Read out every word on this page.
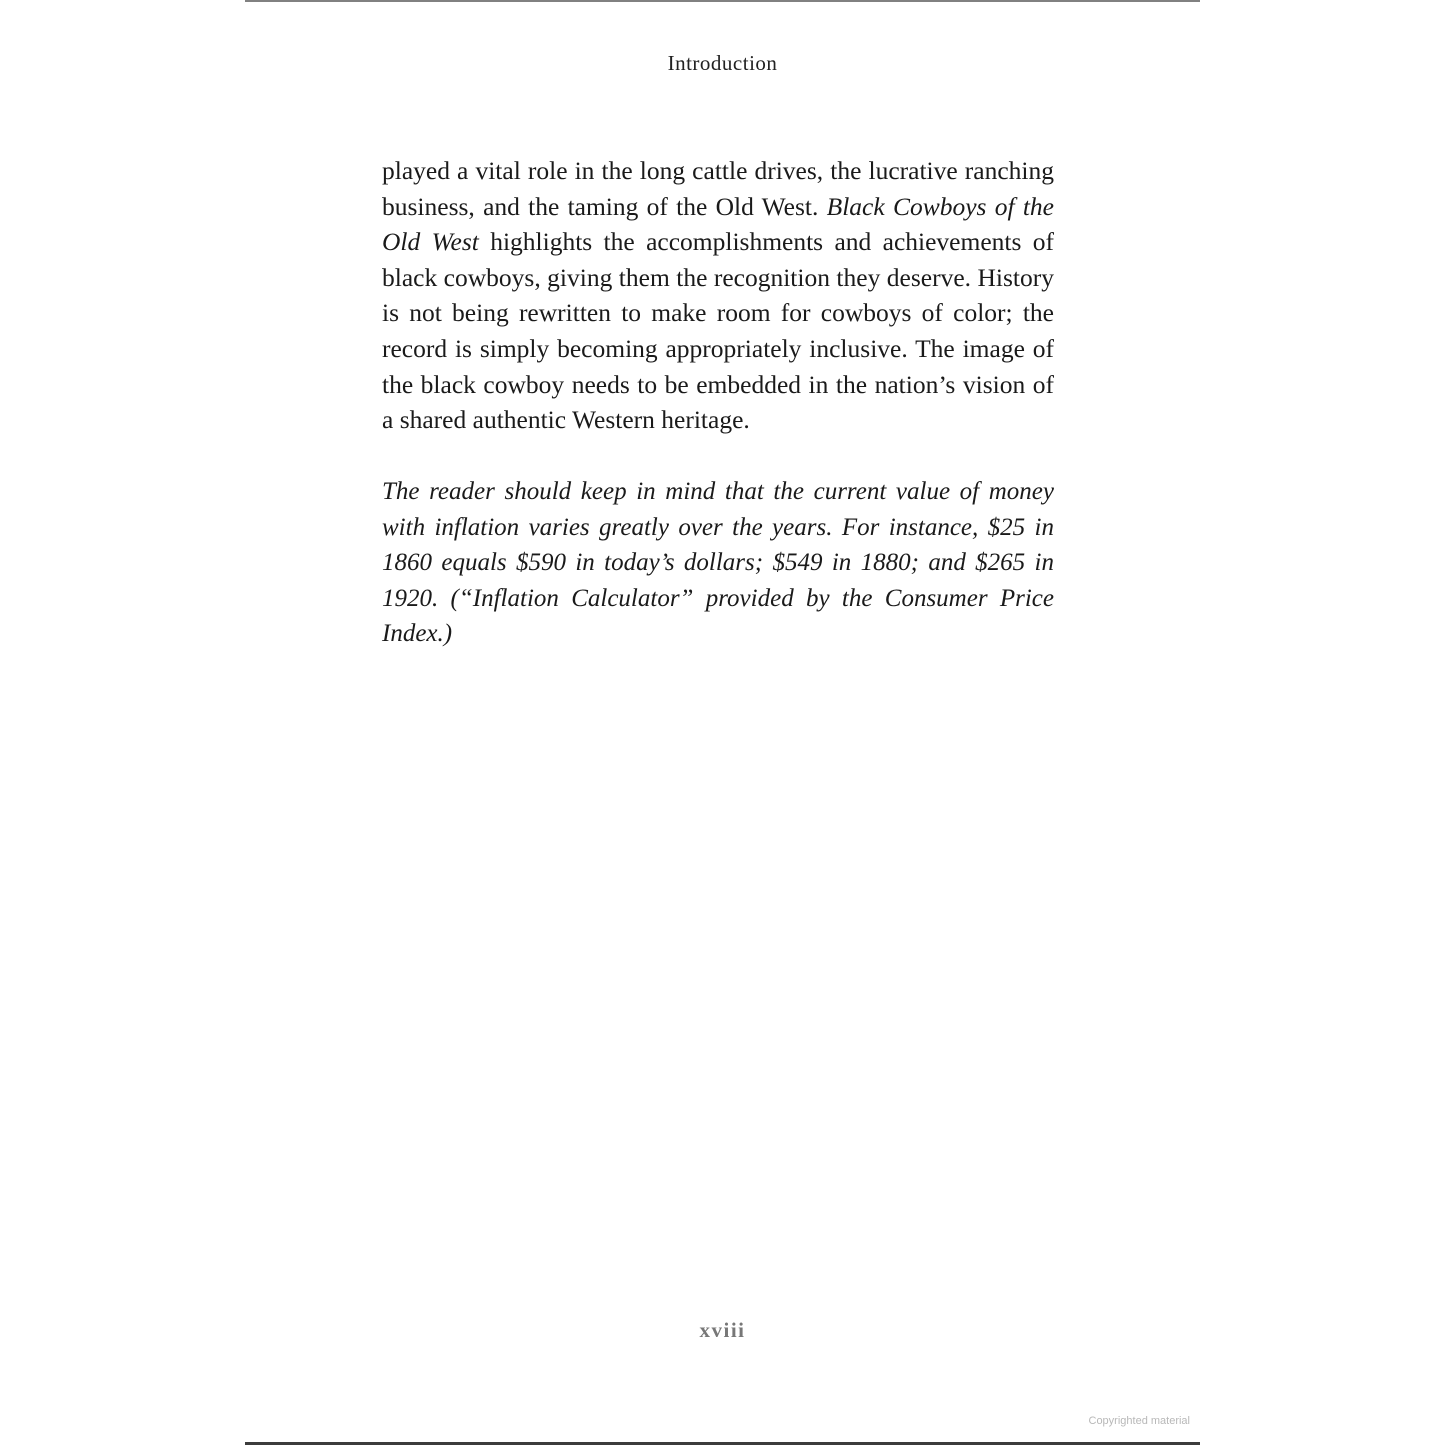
Introduction

played a vital role in the long cattle drives, the lucrative ranching business, and the taming of the Old West. Black Cowboys of the Old West highlights the accomplishments and achievements of black cowboys, giving them the recognition they deserve. History is not being rewritten to make room for cowboys of color; the record is simply becoming appropriately inclusive. The image of the black cowboy needs to be embedded in the nation’s vision of a shared authentic Western heritage.

The reader should keep in mind that the current value of money with inflation varies greatly over the years. For instance, $25 in 1860 equals $590 in today’s dollars; $549 in 1880; and $265 in 1920. (“Inflation Calculator” provided by the Consumer Price Index.)

xviii
Copyrighted material
